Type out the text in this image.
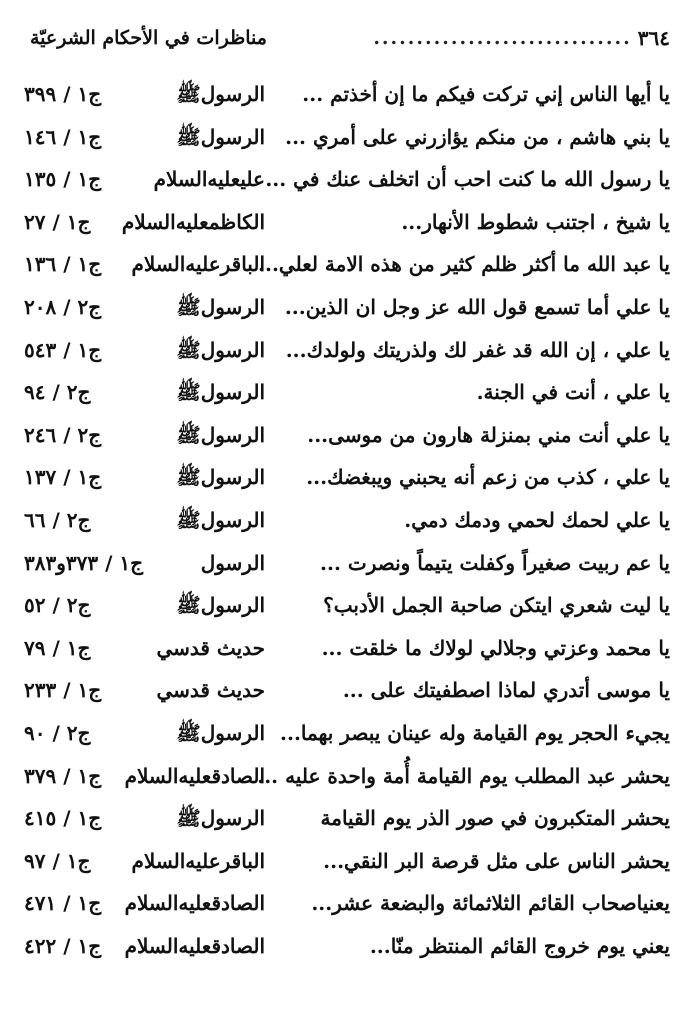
٣٦٤
..............................
مناظرات في الأحكام الشرعيّة
يا أيها الناس إني تركت فيكم ما إن أخذتم ...
الرسولﷺ
ج١ / ٣٩٩
يا بني هاشم ، من منكم يؤازرني على أمري ...
الرسولﷺ
ج١ / ١٤٦
يا رسول الله ما كنت احب أن اتخلف عنك في ...
عليعليه‌السلام
ج١ / ١٣٥
يا شيخ ، اجتنب شطوط الأنهار...
الكاظمعليه‌السلام
ج١ / ٢٧
يا عبد الله ما أكثر ظلم كثير من هذه الامة لعلي...
الباقرعليه‌السلام
ج١ / ١٣٦
يا علي أما تسمع قول الله عز وجل ان الذين...
الرسولﷺ
ج٢ / ٢٠٨
يا علي ، إن الله قد غفر لك ولذريتك ولولدك...
الرسولﷺ
ج١ / ٥٤٣
يا علي ، أنت في الجنة.
الرسولﷺ
ج٢ / ٩٤
يا علي أنت مني بمنزلة هارون من موسى...
الرسولﷺ
ج٢ / ٢٤٦
يا علي ، كذب من زعم أنه يحبني ويبغضك...
الرسولﷺ
ج١ / ١٣٧
يا علي لحمك لحمي ودمك دمي.
الرسولﷺ
ج٢ / ٦٦
يا عم ربيت صغيراً وكفلت يتيماً ونصرت ...
الرسول
ج١ / ٣٧٣و٣٨٣
يا ليت شعري ايتكن صاحبة الجمل الأدبب؟
الرسولﷺ
ج٢ / ٥٢
يا محمد وعزتي وجلالي لولاك ما خلقت ...
حديث قدسي
ج١ / ٧٩
يا موسى أتدري لماذا اصطفيتك على ...
حديث قدسي
ج١ / ٢٣٣
يجيء الحجر يوم القيامة وله عينان يبصر بهما...
الرسولﷺ
ج٢ / ٩٠
يحشر عبد المطلب يوم القيامة أُمة واحدة عليه ...
الصادقعليه‌السلام
ج١ / ٣٧٩
يحشر المتكبرون في صور الذر يوم القيامة
الرسولﷺ
ج١ / ٤١٥
يحشر الناس على مثل قرصة البر النقي...
الباقرعليه‌السلام
ج١ / ٩٧
يعنياصحاب القائم الثلاثمائة والبضعة عشر...
الصادقعليه‌السلام
ج١ / ٤٧١
يعني يوم خروج القائم المنتظر منّا...
الصادقعليه‌السلام
ج١ / ٤٢٢
